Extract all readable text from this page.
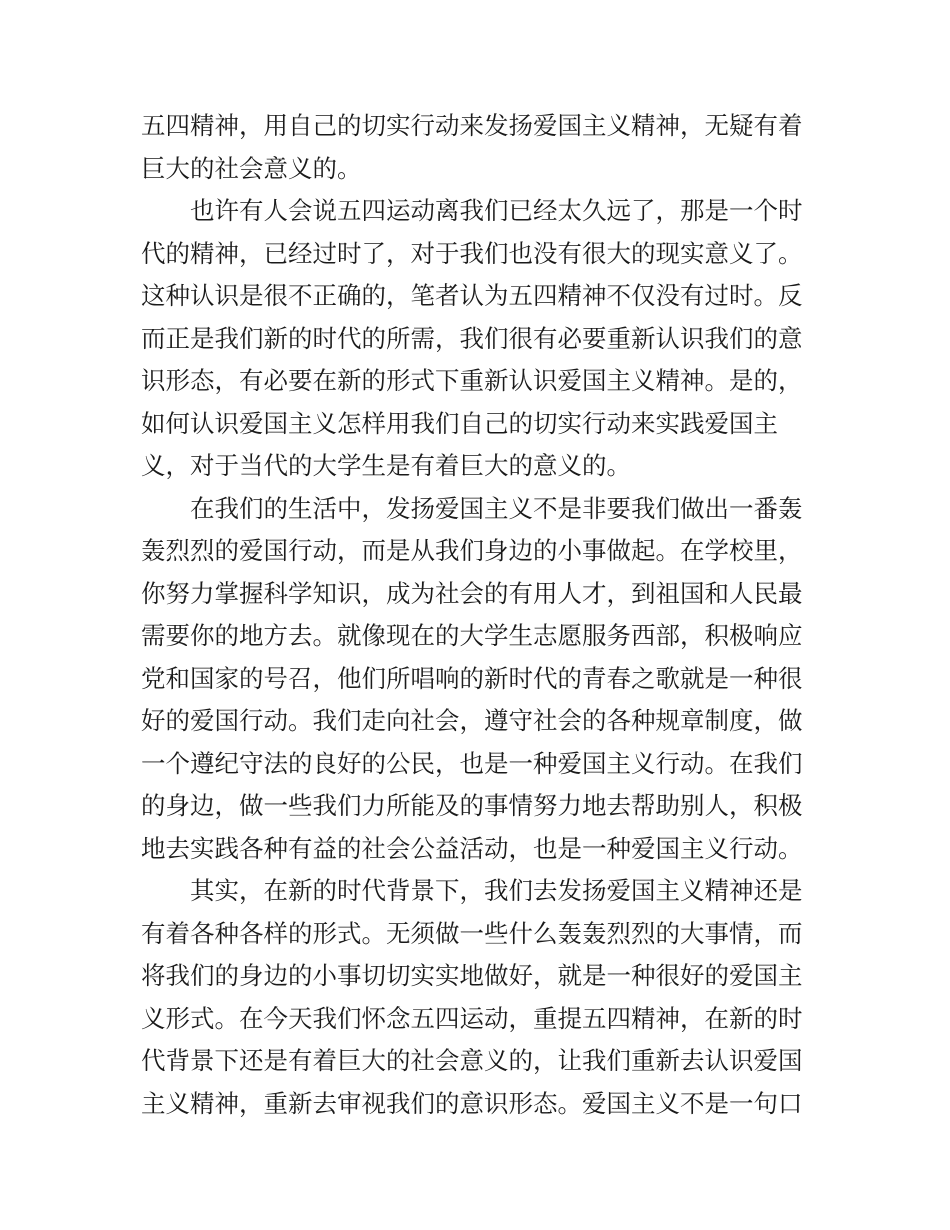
五四精神，用自己的切实行动来发扬爱国主义精神，无疑有着
巨大的社会意义的。
也许有人会说五四运动离我们已经太久远了，那是一个时
代的精神，已经过时了，对于我们也没有很大的现实意义了。
这种认识是很不正确的，笔者认为五四精神不仅没有过时。反
而正是我们新的时代的所需，我们很有必要重新认识我们的意
识形态，有必要在新的形式下重新认识爱国主义精神。是的，
如何认识爱国主义怎样用我们自己的切实行动来实践爱国主
义，对于当代的大学生是有着巨大的意义的。
在我们的生活中，发扬爱国主义不是非要我们做出一番轰
轰烈烈的爱国行动，而是从我们身边的小事做起。在学校里，
你努力掌握科学知识，成为社会的有用人才，到祖国和人民最
需要你的地方去。就像现在的大学生志愿服务西部，积极响应
党和国家的号召，他们所唱响的新时代的青春之歌就是一种很
好的爱国行动。我们走向社会，遵守社会的各种规章制度，做
一个遵纪守法的良好的公民，也是一种爱国主义行动。在我们
的身边，做一些我们力所能及的事情努力地去帮助别人，积极
地去实践各种有益的社会公益活动，也是一种爱国主义行动。
其实，在新的时代背景下，我们去发扬爱国主义精神还是
有着各种各样的形式。无须做一些什么轰轰烈烈的大事情，而
将我们的身边的小事切切实实地做好，就是一种很好的爱国主
义形式。在今天我们怀念五四运动，重提五四精神，在新的时
代背景下还是有着巨大的社会意义的，让我们重新去认识爱国
主义精神，重新去审视我们的意识形态。爱国主义不是一句口
